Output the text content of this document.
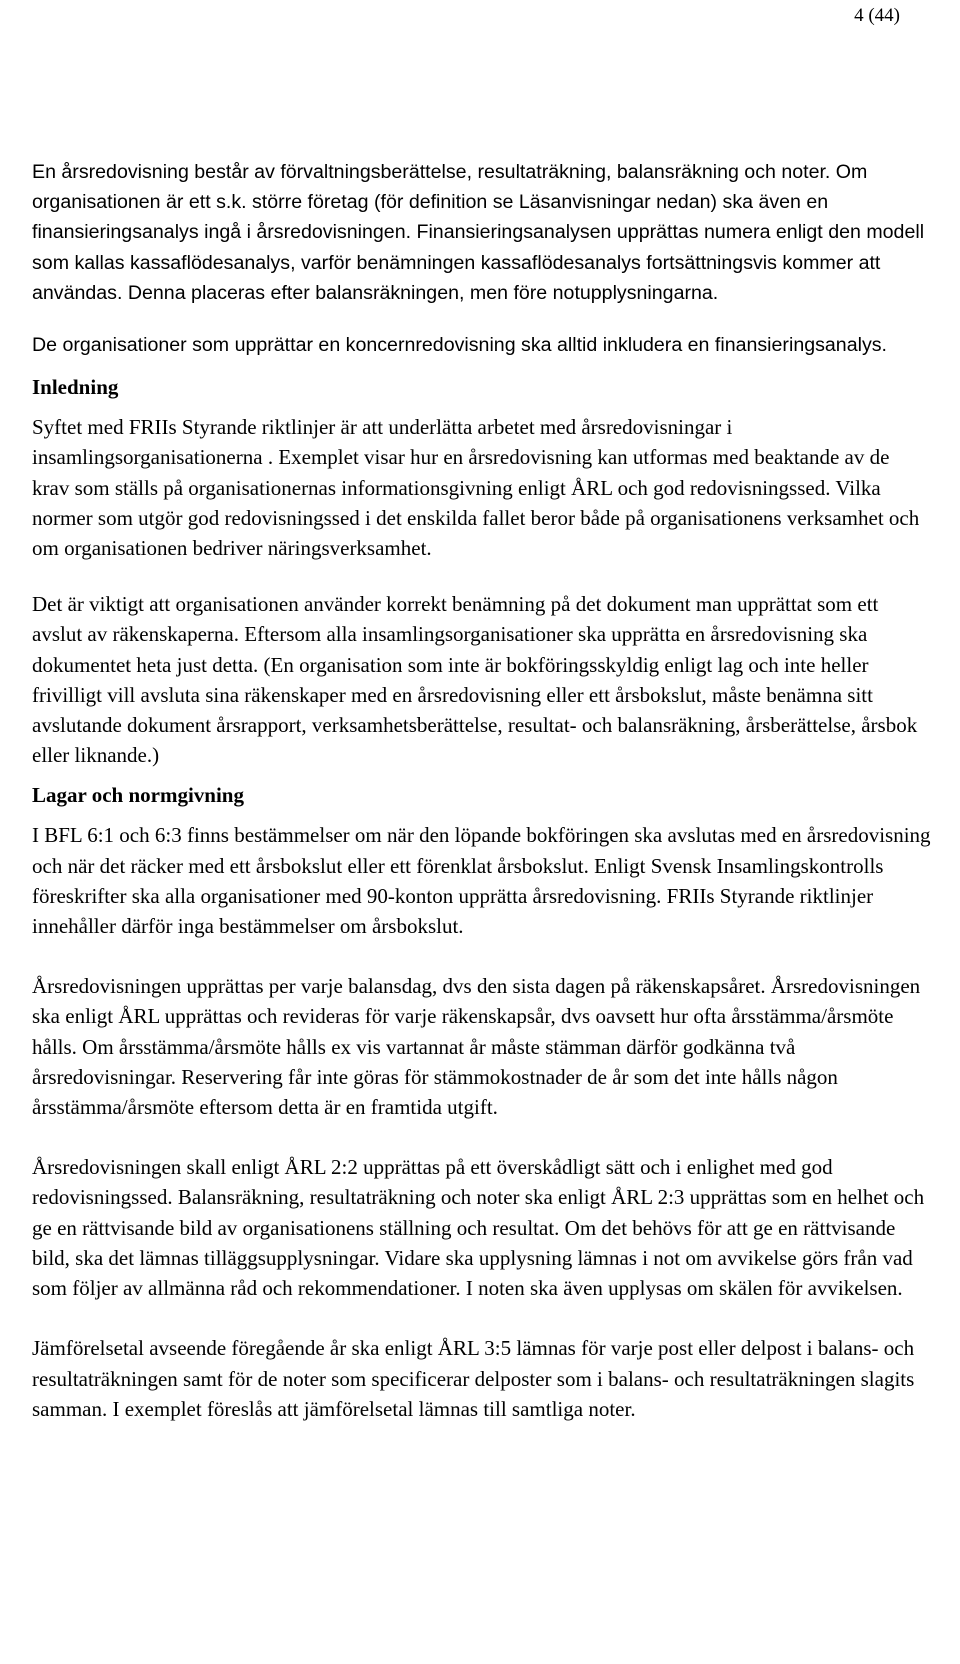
4 (44)

En årsredovisning består av förvaltningsberättelse, resultaträkning, balansräkning och noter. Om organisationen är ett s.k. större företag (för definition se Läsanvisningar nedan) ska även en finansieringsanalys ingå i årsredovisningen. Finansieringsanalysen upprättas numera enligt den modell som kallas kassaflödesanalys, varför benämningen kassaflödesanalys fortsättningsvis kommer att användas. Denna placeras efter balansräkningen, men före notupplysningarna.

De organisationer som upprättar en koncernredovisning ska alltid inkludera en finansieringsanalys.

Inledning

Syftet med FRIIs Styrande riktlinjer är att underlätta arbetet med årsredovisningar i insamlingsorganisationerna . Exemplet visar hur en årsredovisning kan utformas med beaktande av de krav som ställs på organisationernas informationsgivning enligt ÅRL och god redovisningssed. Vilka normer som utgör god redovisningssed i det enskilda fallet beror både på organisationens verksamhet och om organisationen bedriver näringsverksamhet.

Det är viktigt att organisationen använder korrekt benämning på det dokument man upprättat som ett avslut av räkenskaperna. Eftersom alla insamlingsorganisationer ska upprätta en årsredovisning ska dokumentet heta just detta. (En organisation som inte är bokföringsskyldig enligt lag och inte heller frivilligt vill avsluta sina räkenskaper med en årsredovisning eller ett årsbokslut, måste benämna sitt avslutande dokument årsrapport, verksamhetsberättelse, resultat- och balansräkning, årsberättelse, årsbok eller liknande.)

Lagar och normgivning

I BFL 6:1 och 6:3 finns bestämmelser om när den löpande bokföringen ska avslutas med en årsredovisning och när det räcker med ett årsbokslut eller ett förenklat årsbokslut. Enligt Svensk Insamlingskontrolls föreskrifter ska alla organisationer med 90-konton upprätta årsredovisning. FRIIs Styrande riktlinjer innehåller därför inga bestämmelser om årsbokslut.

Årsredovisningen upprättas per varje balansdag, dvs den sista dagen på räkenskapsåret. Årsredovisningen ska enligt ÅRL upprättas och revideras för varje räkenskapsår, dvs oavsett hur ofta årsstämma/årsmöte hålls. Om årsstämma/årsmöte hålls ex vis vartannat år måste stämman därför godkänna två årsredovisningar. Reservering får inte göras för stämmokostnader de år som det inte hålls någon årsstämma/årsmöte eftersom detta är en framtida utgift.

Årsredovisningen skall enligt ÅRL 2:2 upprättas på ett överskådligt sätt och i enlighet med god redovisningssed. Balansräkning, resultaträkning och noter ska enligt ÅRL 2:3 upprättas som en helhet och ge en rättvisande bild av organisationens ställning och resultat. Om det behövs för att ge en rättvisande bild, ska det lämnas tilläggsupplysningar. Vidare ska upplysning lämnas i not om avvikelse görs från vad som följer av allmänna råd och rekommendationer. I noten ska även upplysas om skälen för avvikelsen.

Jämförelsetal avseende föregående år ska enligt ÅRL 3:5 lämnas för varje post eller delpost i balans- och resultaträkningen samt för de noter som specificerar delposter som i balans- och resultaträkningen slagits samman. I exemplet föreslås att jämförelsetal lämnas till samtliga noter.
